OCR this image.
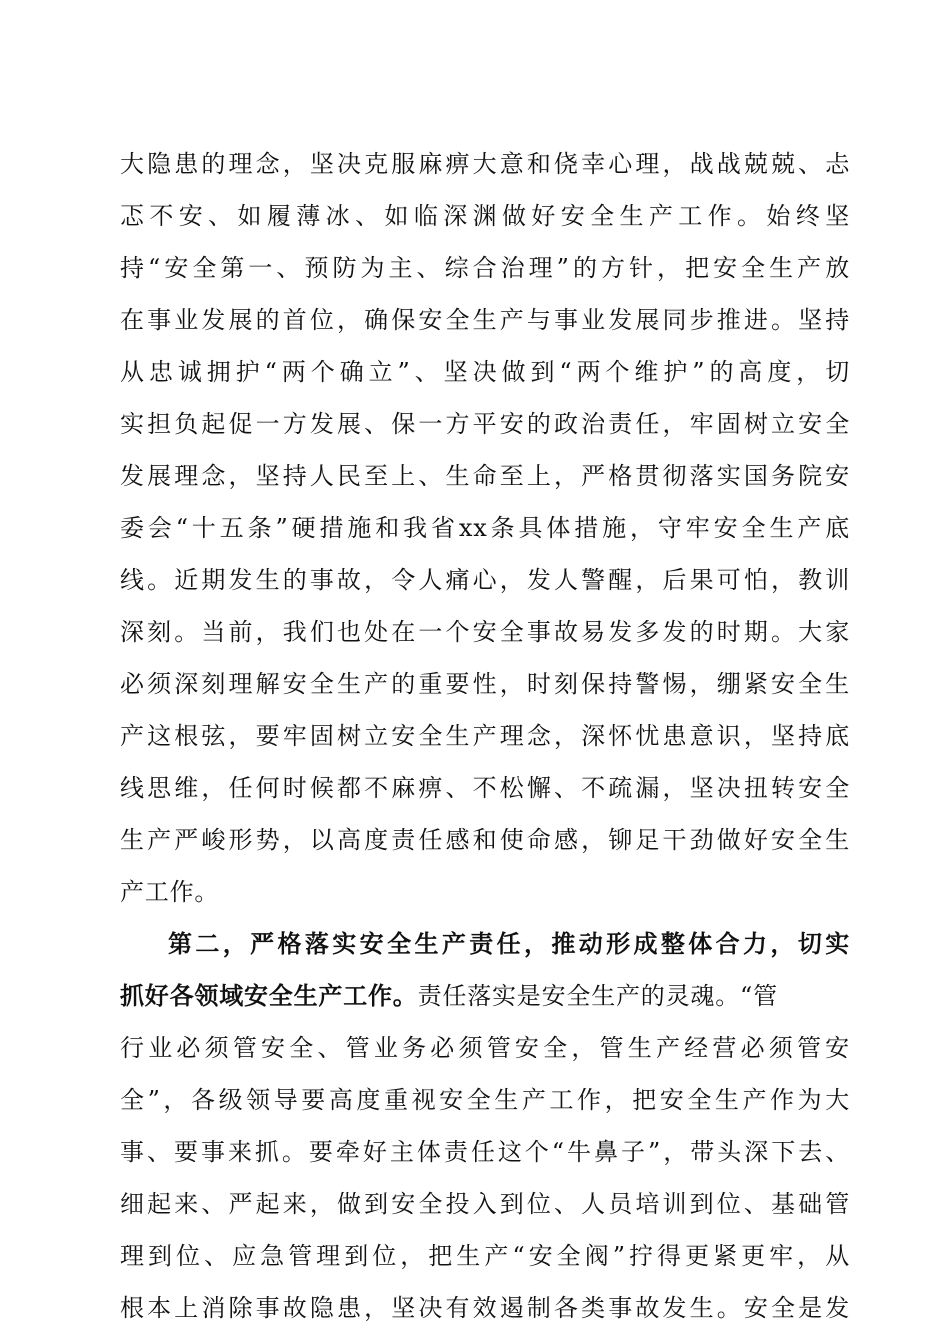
大隐患的理念，坚决克服麻痹大意和侥幸心理，战战兢兢、忐
忑不安、如履薄冰、如临深渊做好安全生产工作。始终坚
持“安全第一、预防为主、综合治理”的方针，把安全生产放
在事业发展的首位，确保安全生产与事业发展同步推进。坚持
从忠诚拥护“两个确立”、坚决做到“两个维护”的高度，切
实担负起促一方发展、保一方平安的政治责任，牢固树立安全
发展理念，坚持人民至上、生命至上，严格贯彻落实国务院安
委会“十五条”硬措施和我省xx条具体措施，守牢安全生产底
线。近期发生的事故，令人痛心，发人警醒，后果可怕，教训
深刻。当前，我们也处在一个安全事故易发多发的时期。大家
必须深刻理解安全生产的重要性，时刻保持警惕，绷紧安全生
产这根弦，要牢固树立安全生产理念，深怀忧患意识，坚持底
线思维，任何时候都不麻痹、不松懈、不疏漏，坚决扭转安全
生产严峻形势，以高度责任感和使命感，铆足干劲做好安全生
产工作。
第二，严格落实安全生产责任，推动形成整体合力，切实
抓好各领域安全生产工作。责任落实是安全生产的灵魂。“管
行业必须管安全、管业务必须管安全，管生产经营必须管安
全”，各级领导要高度重视安全生产工作，把安全生产作为大
事、要事来抓。要牵好主体责任这个“牛鼻子”，带头深下去、
细起来、严起来，做到安全投入到位、人员培训到位、基础管
理到位、应急管理到位，把生产“安全阀”拧得更紧更牢，从
根本上消除事故隐患，坚决有效遏制各类事故发生。安全是发
